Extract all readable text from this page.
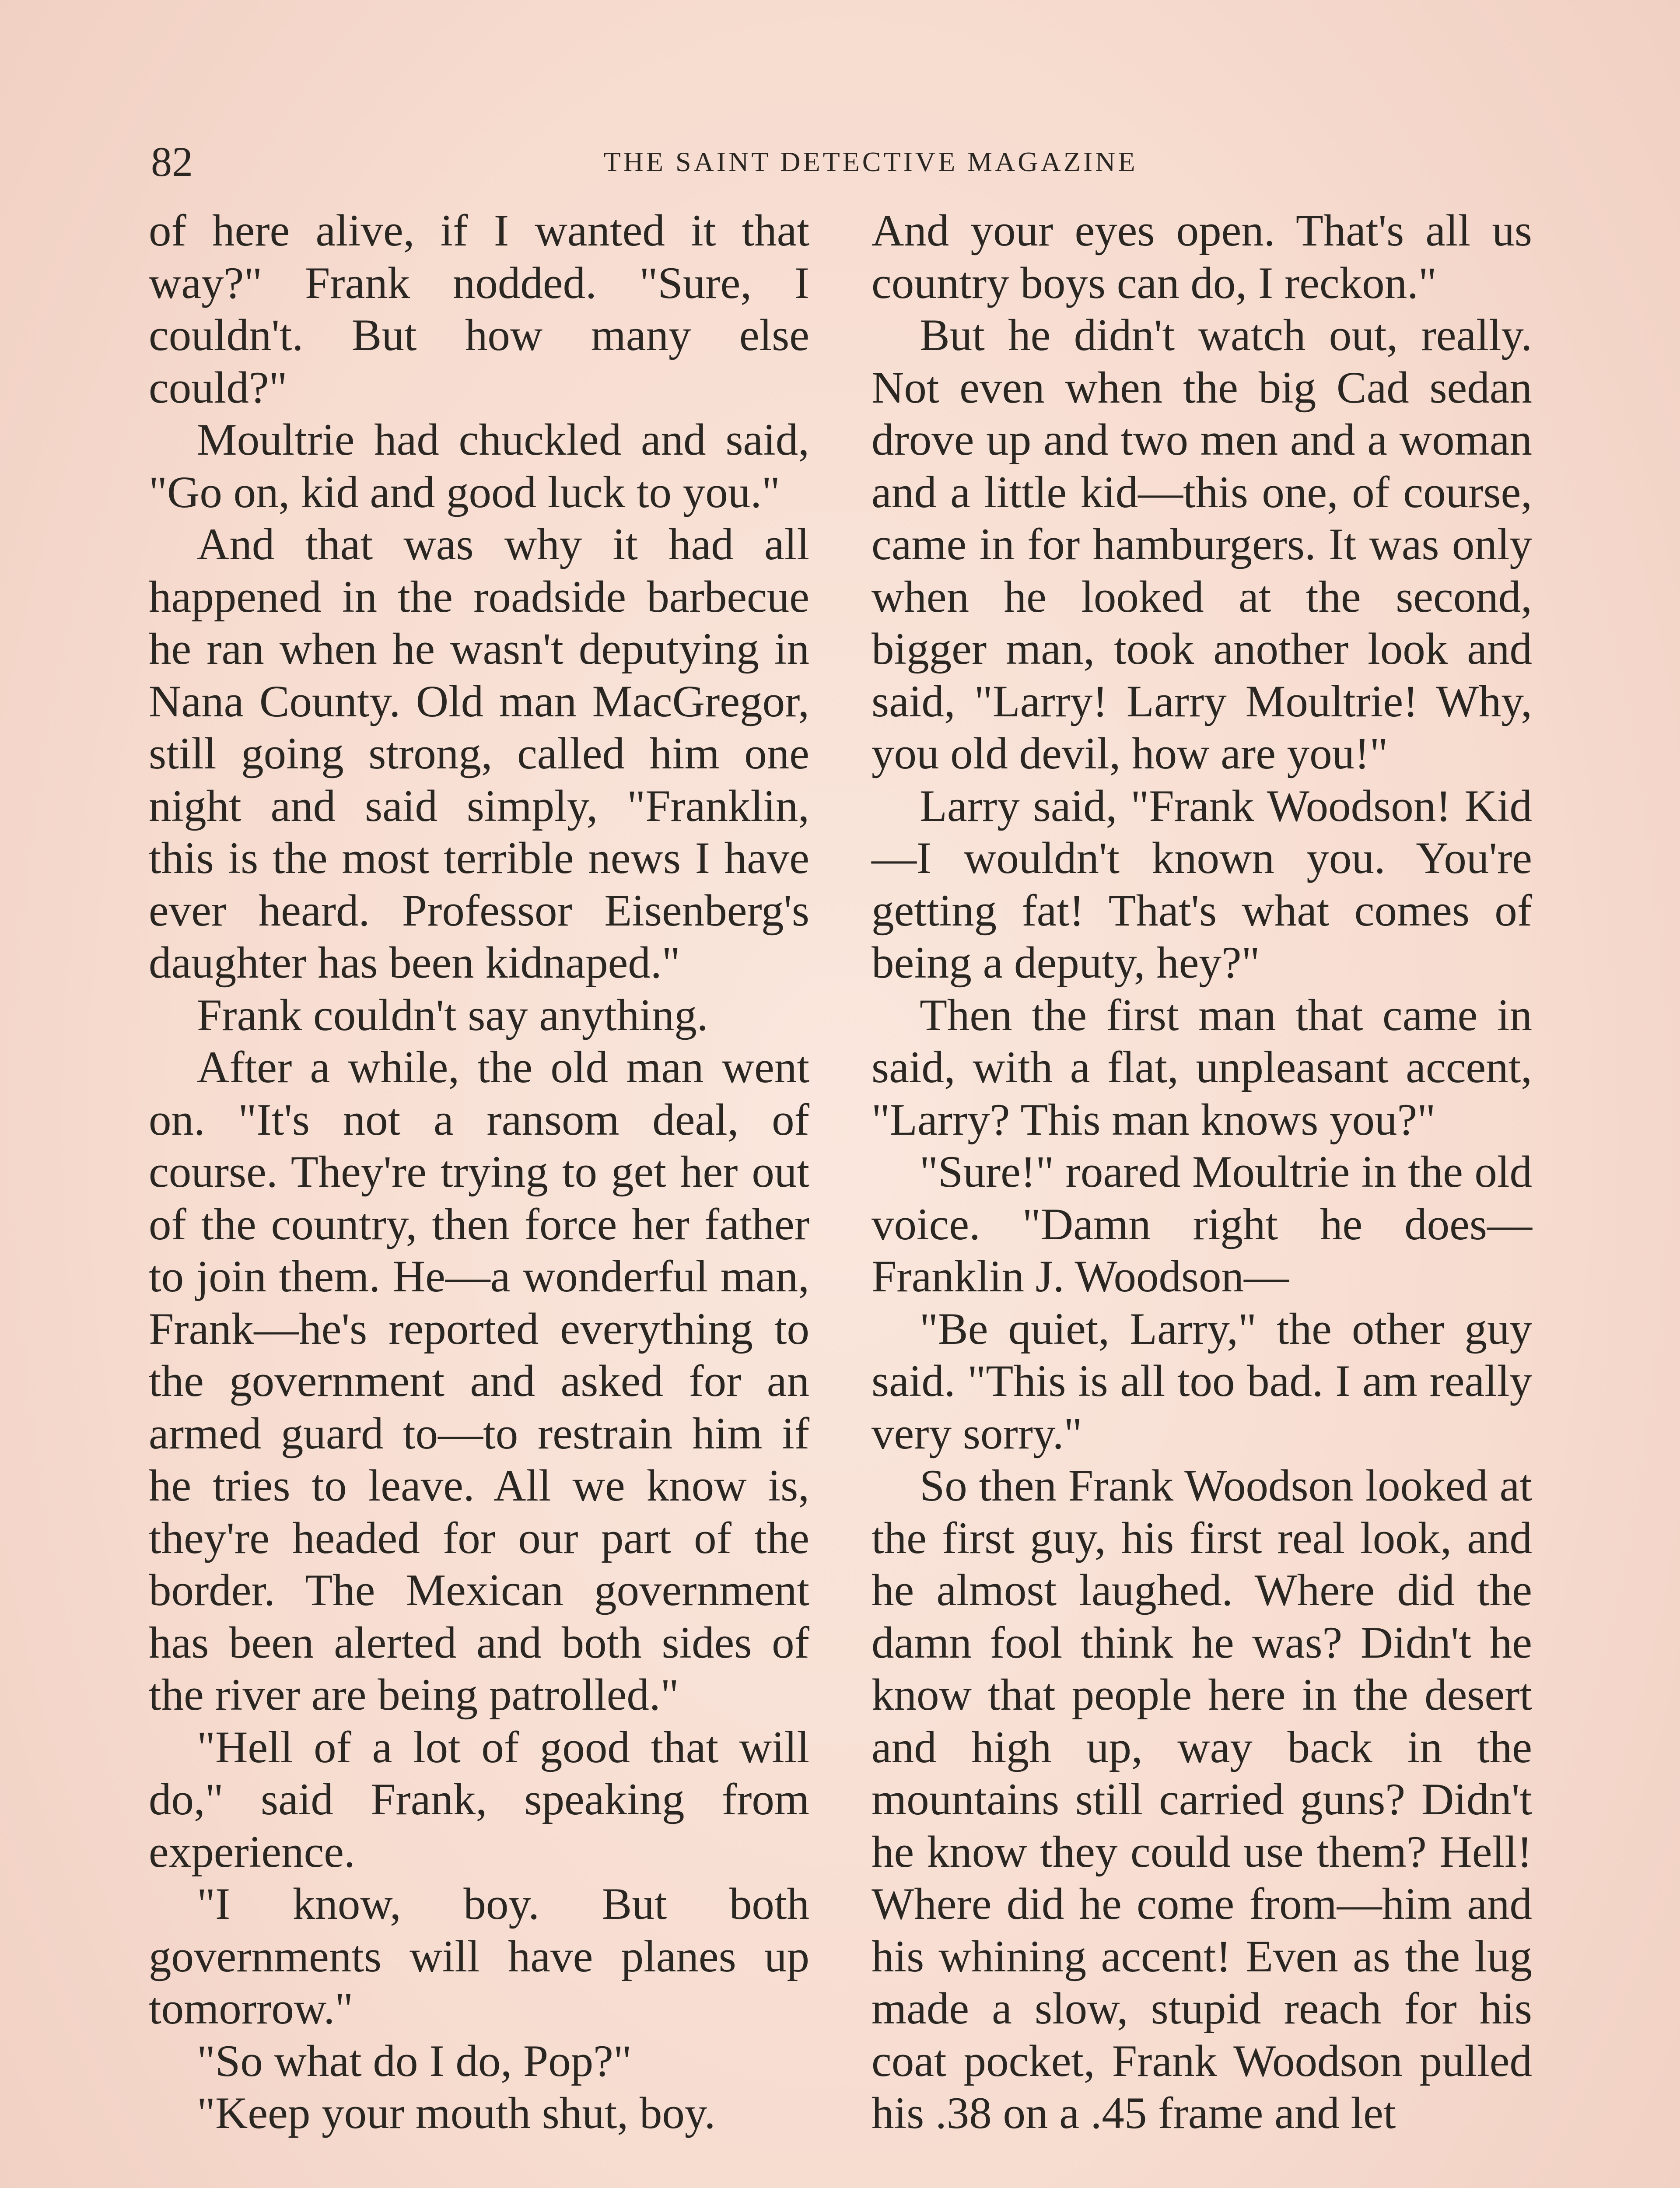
82	THE SAINT DETECTIVE MAGAZINE

of here alive, if I wanted it that way?" Frank nodded. "Sure, I couldn't. But how many else could?"

Moultrie had chuckled and said, "Go on, kid and good luck to you."

And that was why it had all happened in the roadside barbecue he ran when he wasn't deputying in Nana County. Old man MacGregor, still going strong, called him one night and said simply, "Franklin, this is the most terrible news I have ever heard. Professor Eisenberg's daughter has been kidnaped."

Frank couldn't say anything.

After a while, the old man went on. "It's not a ransom deal, of course. They're trying to get her out of the country, then force her father to join them. He—a wonderful man, Frank—he's reported everything to the government and asked for an armed guard to—to restrain him if he tries to leave. All we know is, they're headed for our part of the border. The Mexican government has been alerted and both sides of the river are being patrolled."

"Hell of a lot of good that will do," said Frank, speaking from experience.

"I know, boy. But both governments will have planes up tomorrow."

"So what do I do, Pop?"

"Keep your mouth shut, boy.

And your eyes open. That's all us country boys can do, I reckon."

But he didn't watch out, really. Not even when the big Cad sedan drove up and two men and a woman and a little kid—this one, of course, came in for hamburgers. It was only when he looked at the second, bigger man, took another look and said, "Larry! Larry Moultrie! Why, you old devil, how are you!"

Larry said, "Frank Woodson! Kid—I wouldn't known you. You're getting fat! That's what comes of being a deputy, hey?"

Then the first man that came in said, with a flat, unpleasant accent, "Larry? This man knows you?"

"Sure!" roared Moultrie in the old voice. "Damn right he does—Franklin J. Woodson—

"Be quiet, Larry," the other guy said. "This is all too bad. I am really very sorry."

So then Frank Woodson looked at the first guy, his first real look, and he almost laughed. Where did the damn fool think he was? Didn't he know that people here in the desert and high up, way back in the mountains still carried guns? Didn't he know they could use them? Hell! Where did he come from—him and his whining accent! Even as the lug made a slow, stupid reach for his coat pocket, Frank Woodson pulled his .38 on a .45 frame and let
